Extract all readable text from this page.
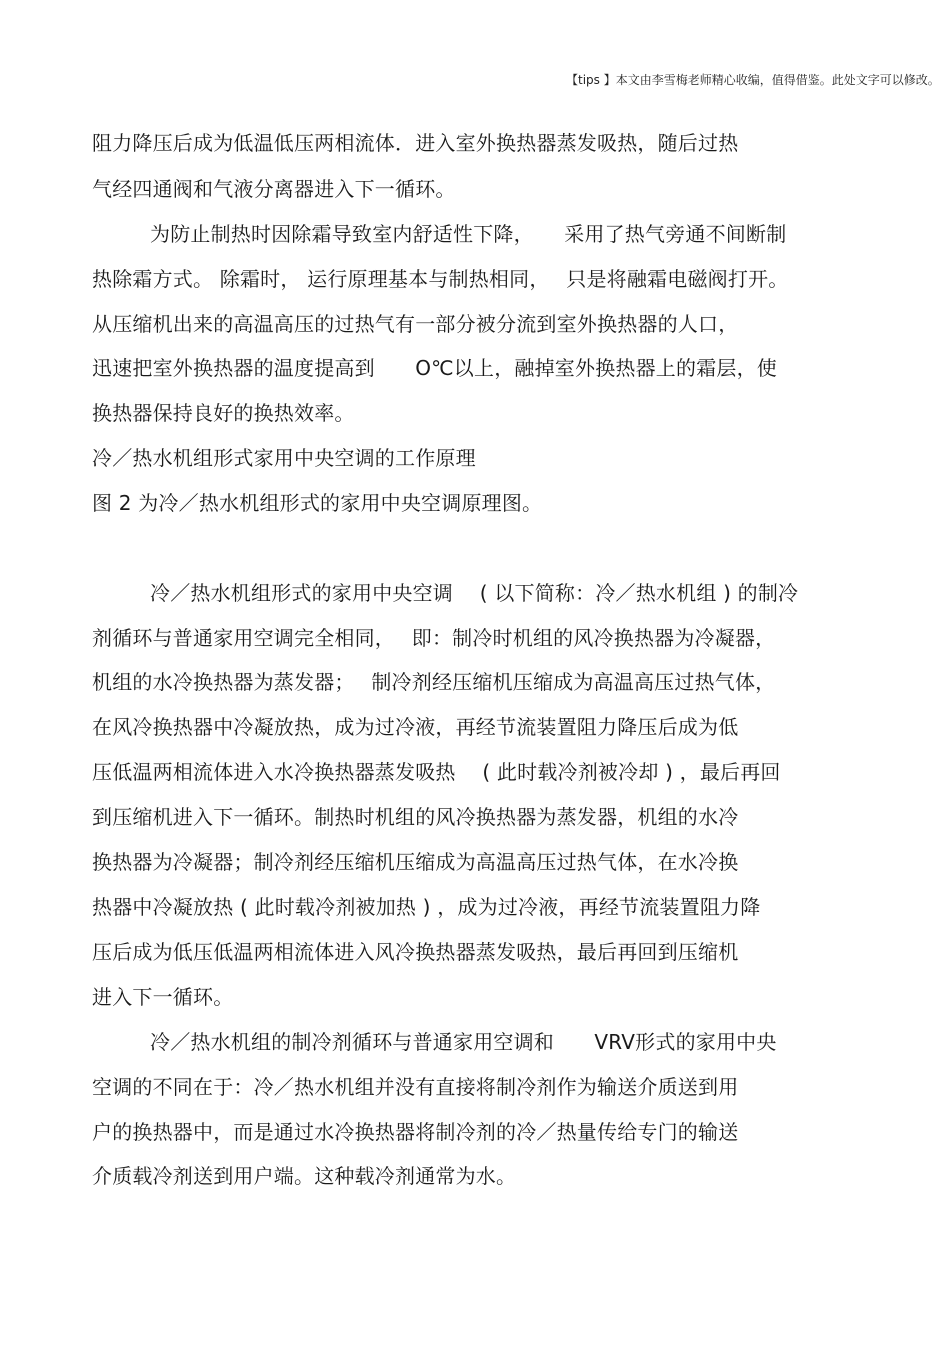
【tips 】本文由李雪梅老师精心收编，值得借鉴。此处文字可以修改。
阻力降压后成为低温低压两相流体．进入室外换热器蒸发吸热，随后过热
气经四通阀和气液分离器进入下一循环。
为防止制热时因除霜导致室内舒适性下降，　　采用了热气旁通不间断制
热除霜方式。 除霜时， 运行原理基本与制热相同，　 只是将融霜电磁阀打开。
从压缩机出来的高温高压的过热气有一部分被分流到室外换热器的人口，
迅速把室外换热器的温度提高到　　O℃以上，融掉室外换热器上的霜层，使
换热器保持良好的换热效率。
冷／热水机组形式家用中央空调的工作原理
图 2 为冷／热水机组形式的家用中央空调原理图。
冷／热水机组形式的家用中央空调　 ( 以下简称：冷／热水机组 ) 的制冷
剂循环与普通家用空调完全相同，　 即：制冷时机组的风冷换热器为冷凝器，
机组的水冷换热器为蒸发器；　 制冷剂经压缩机压缩成为高温高压过热气体，
在风冷换热器中冷凝放热，成为过冷液，再经节流装置阻力降压后成为低
压低温两相流体进入水冷换热器蒸发吸热　 ( 此时载冷剂被冷却 ) ，最后再回
到压缩机进入下一循环。制热时机组的风冷换热器为蒸发器，机组的水冷
换热器为冷凝器；制冷剂经压缩机压缩成为高温高压过热气体，在水冷换
热器中冷凝放热 ( 此时载冷剂被加热 ) ，成为过冷液，再经节流装置阻力降
压后成为低压低温两相流体进入风冷换热器蒸发吸热，最后再回到压缩机
进入下一循环。
冷／热水机组的制冷剂循环与普通家用空调和　　VRV形式的家用中央
空调的不同在于：冷／热水机组并没有直接将制冷剂作为输送介质送到用
户的换热器中，而是通过水冷换热器将制冷剂的冷／热量传给专门的输送
介质载冷剂送到用户端。这种载冷剂通常为水。
